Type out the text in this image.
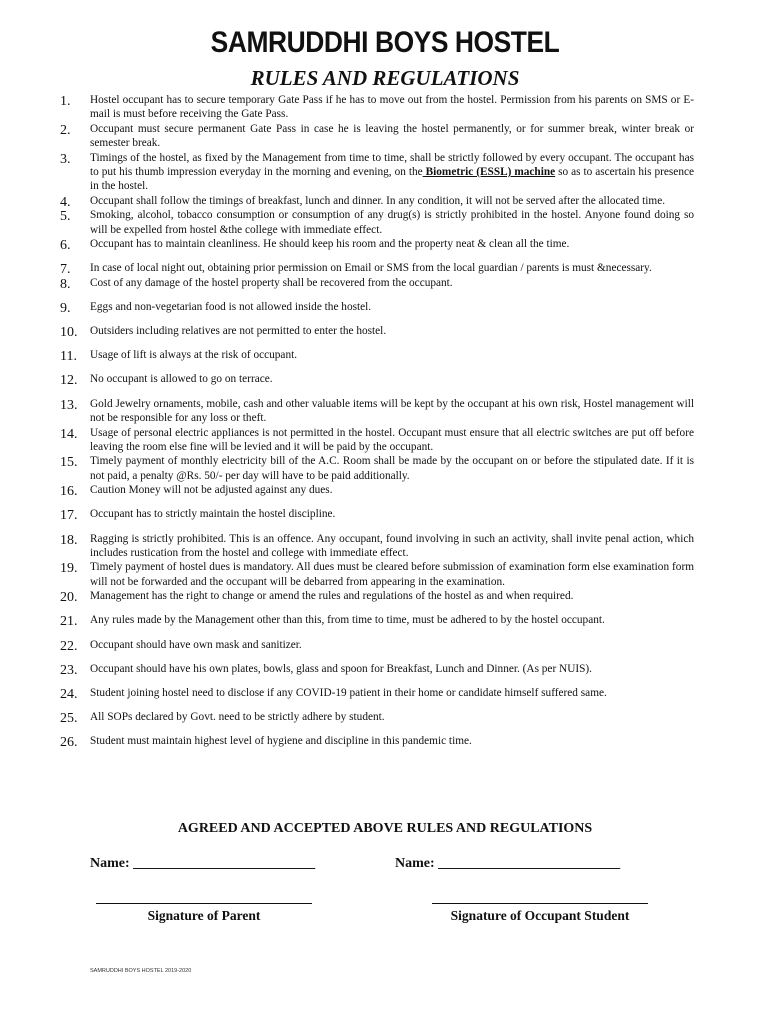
SAMRUDDHI BOYS HOSTEL
RULES AND REGULATIONS
1. Hostel occupant has to secure temporary Gate Pass if he has to move out from the hostel. Permission from his parents on SMS or E-mail is must before receiving the Gate Pass.
2. Occupant must secure permanent Gate Pass in case he is leaving the hostel permanently, or for summer break, winter break or semester break.
3. Timings of the hostel, as fixed by the Management from time to time, shall be strictly followed by every occupant. The occupant has to put his thumb impression everyday in the morning and evening, on the Biometric (ESSL) machine so as to ascertain his presence in the hostel.
4. Occupant shall follow the timings of breakfast, lunch and dinner. In any condition, it will not be served after the allocated time.
5. Smoking, alcohol, tobacco consumption or consumption of any drug(s) is strictly prohibited in the hostel. Anyone found doing so will be expelled from hostel &the college with immediate effect.
6. Occupant has to maintain cleanliness. He should keep his room and the property neat & clean all the time.
7. In case of local night out, obtaining prior permission on Email or SMS from the local guardian / parents is must &necessary.
8. Cost of any damage of the hostel property shall be recovered from the occupant.
9. Eggs and non-vegetarian food is not allowed inside the hostel.
10. Outsiders including relatives are not permitted to enter the hostel.
11. Usage of lift is always at the risk of occupant.
12. No occupant is allowed to go on terrace.
13. Gold Jewelry ornaments, mobile, cash and other valuable items will be kept by the occupant at his own risk, Hostel management will not be responsible for any loss or theft.
14. Usage of personal electric appliances is not permitted in the hostel. Occupant must ensure that all electric switches are put off before leaving the room else fine will be levied and it will be paid by the occupant.
15. Timely payment of monthly electricity bill of the A.C. Room shall be made by the occupant on or before the stipulated date. If it is not paid, a penalty @Rs. 50/- per day will have to be paid additionally.
16. Caution Money will not be adjusted against any dues.
17. Occupant has to strictly maintain the hostel discipline.
18. Ragging is strictly prohibited. This is an offence. Any occupant, found involving in such an activity, shall invite penal action, which includes rustication from the hostel and college with immediate effect.
19. Timely payment of hostel dues is mandatory. All dues must be cleared before submission of examination form else examination form will not be forwarded and the occupant will be debarred from appearing in the examination.
20. Management has the right to change or amend the rules and regulations of the hostel as and when required.
21. Any rules made by the Management other than this, from time to time, must be adhered to by the hostel occupant.
22. Occupant should have own mask and sanitizer.
23. Occupant should have his own plates, bowls, glass and spoon for Breakfast, Lunch and Dinner. (As per NUIS).
24. Student joining hostel need to disclose if any COVID-19 patient in their home or candidate himself suffered same.
25. All SOPs declared by Govt. need to be strictly adhere by student.
26. Student must maintain highest level of hygiene and discipline in this pandemic time.
AGREED AND ACCEPTED ABOVE RULES AND REGULATIONS
Name: __________________________	Name: __________________________
Signature of Parent	Signature of Occupant Student
SAMRUDDHI BOYS HOSTEL 2019-2020
